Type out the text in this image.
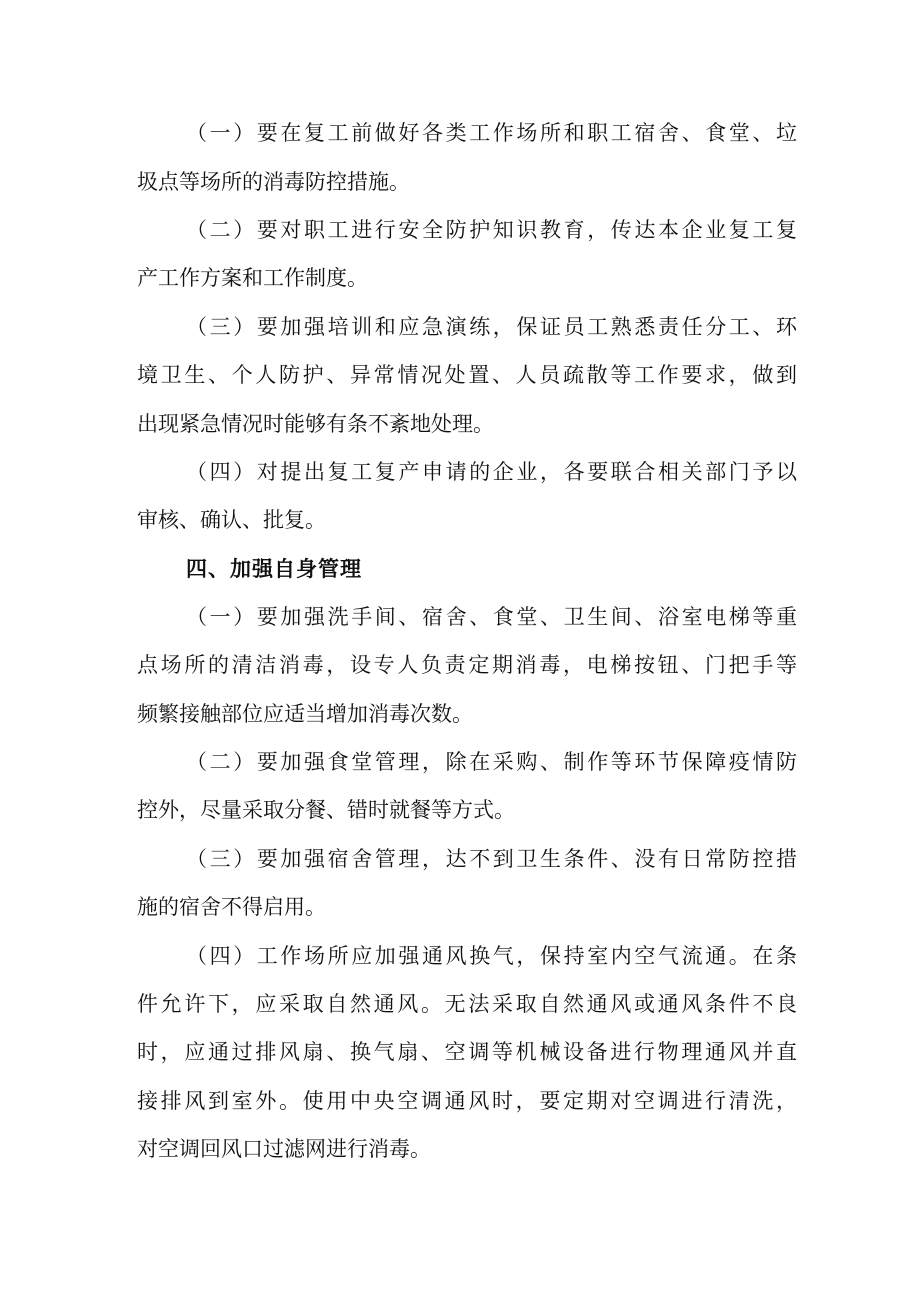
（一）要在复工前做好各类工作场所和职工宿舍、食堂、垃
圾点等场所的消毒防控措施。
（二）要对职工进行安全防护知识教育，传达本企业复工复
产工作方案和工作制度。
（三）要加强培训和应急演练，保证员工熟悉责任分工、环
境卫生、个人防护、异常情况处置、人员疏散等工作要求，做到
出现紧急情况时能够有条不紊地处理。
（四）对提出复工复产申请的企业，各要联合相关部门予以
审核、确认、批复。
四、加强自身管理
（一）要加强洗手间、宿舍、食堂、卫生间、浴室电梯等重
点场所的清洁消毒，设专人负责定期消毒，电梯按钮、门把手等
频繁接触部位应适当增加消毒次数。
（二）要加强食堂管理，除在采购、制作等环节保障疫情防
控外，尽量采取分餐、错时就餐等方式。
（三）要加强宿舍管理，达不到卫生条件、没有日常防控措
施的宿舍不得启用。
（四）工作场所应加强通风换气，保持室内空气流通。在条
件允许下，应采取自然通风。无法采取自然通风或通风条件不良
时，应通过排风扇、换气扇、空调等机械设备进行物理通风并直
接排风到室外。使用中央空调通风时，要定期对空调进行清洗，
对空调回风口过滤网进行消毒。
